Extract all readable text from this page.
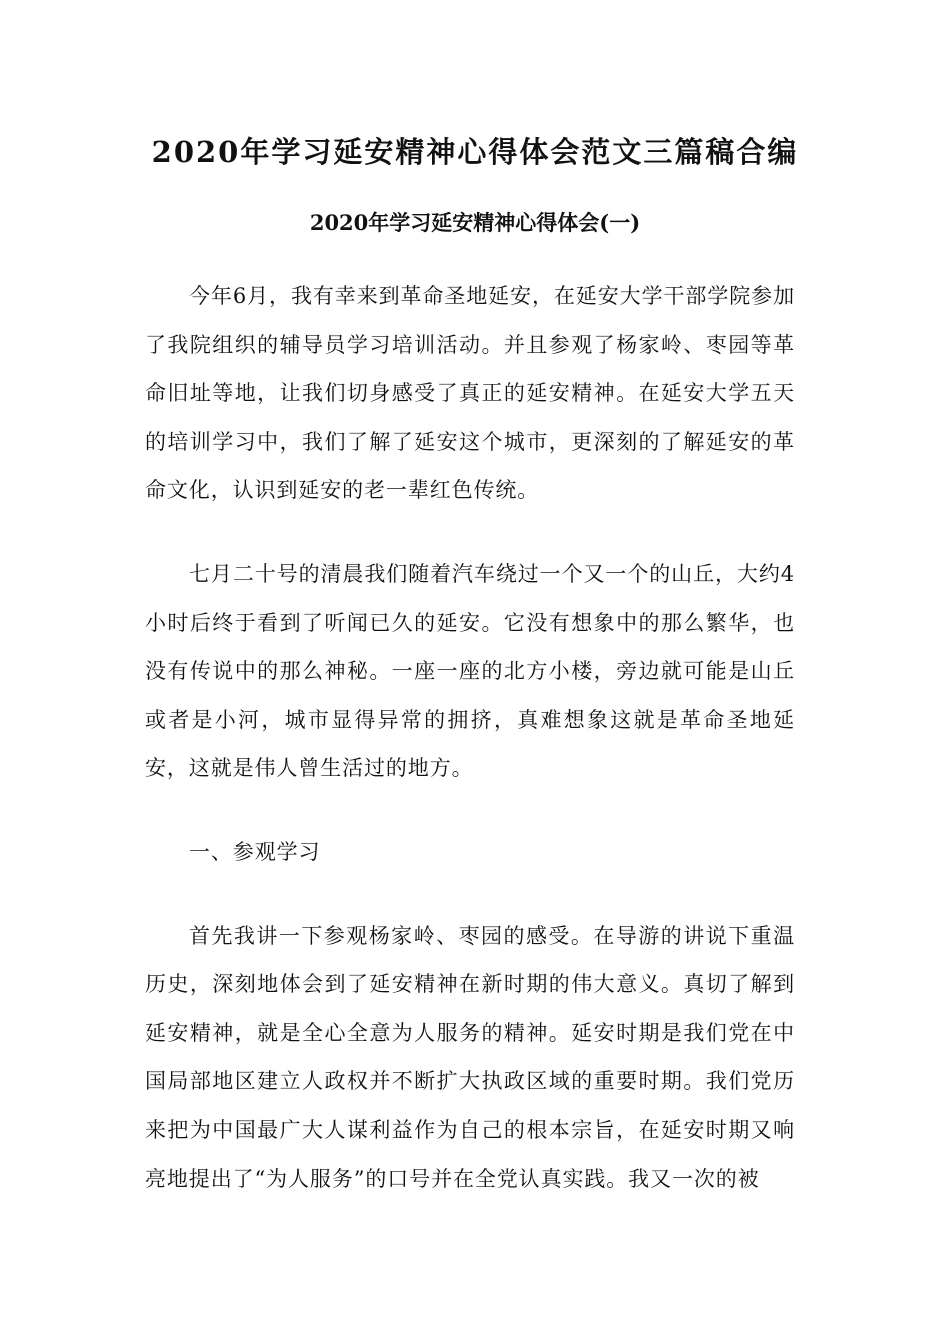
2020年学习延安精神心得体会范文三篇稿合编
2020年学习延安精神心得体会(一)

今年6月，我有幸来到革命圣地延安，在延安大学干部学院参加了我院组织的辅导员学习培训活动。并且参观了杨家岭、枣园等革命旧址等地，让我们切身感受了真正的延安精神。在延安大学五天的培训学习中，我们了解了延安这个城市，更深刻的了解延安的革命文化，认识到延安的老一辈红色传统。

七月二十号的清晨我们随着汽车绕过一个又一个的山丘，大约4小时后终于看到了听闻已久的延安。它没有想象中的那么繁华，也没有传说中的那么神秘。一座一座的北方小楼，旁边就可能是山丘或者是小河，城市显得异常的拥挤，真难想象这就是革命圣地延安，这就是伟人曾生活过的地方。

一、参观学习

首先我讲一下参观杨家岭、枣园的感受。在导游的讲说下重温历史，深刻地体会到了延安精神在新时期的伟大意义。真切了解到延安精神，就是全心全意为人服务的精神。延安时期是我们党在中国局部地区建立人政权并不断扩大执政区域的重要时期。我们党历来把为中国最广大人谋利益作为自己的根本宗旨，在延安时期又响亮地提出了“为人服务”的口号并在全党认真实践。我又一次的被
